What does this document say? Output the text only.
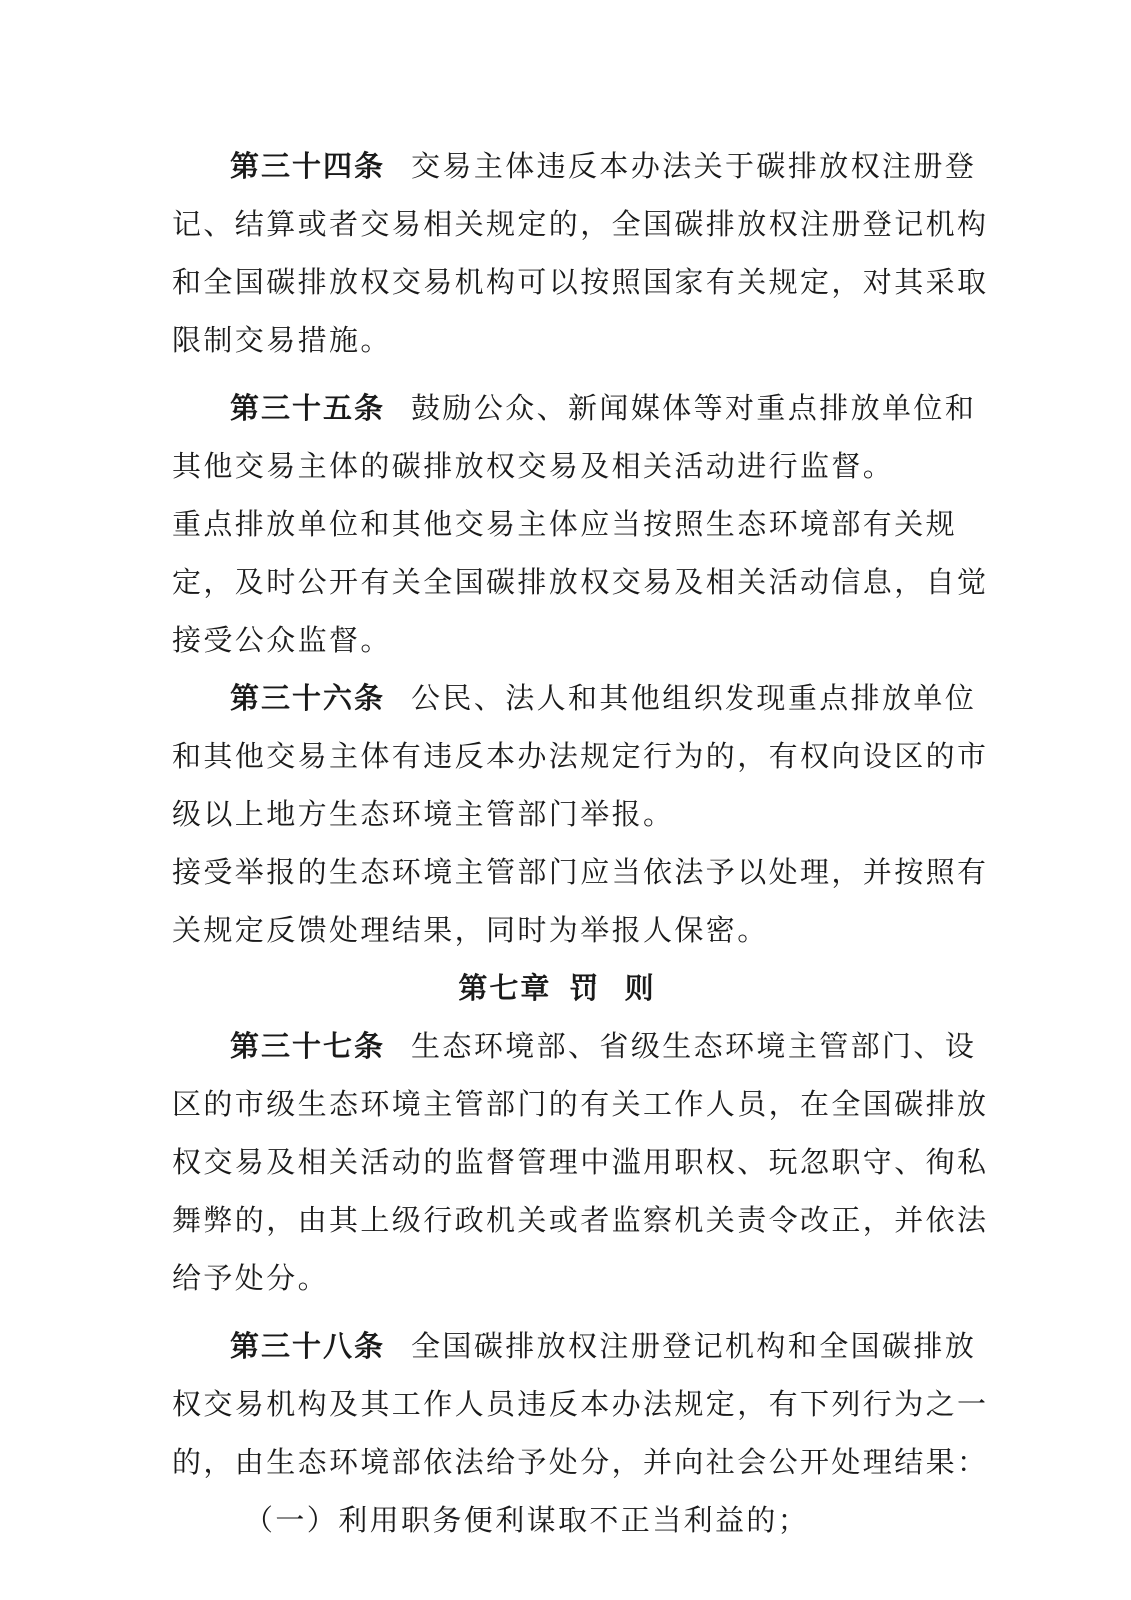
第三十四条 交易主体违反本办法关于碳排放权注册登
记、结算或者交易相关规定的，全国碳排放权注册登记机构
和全国碳排放权交易机构可以按照国家有关规定，对其采取
限制交易措施。
第三十五条 鼓励公众、新闻媒体等对重点排放单位和
其他交易主体的碳排放权交易及相关活动进行监督。
重点排放单位和其他交易主体应当按照生态环境部有关规
定，及时公开有关全国碳排放权交易及相关活动信息，自觉
接受公众监督。
第三十六条 公民、法人和其他组织发现重点排放单位
和其他交易主体有违反本办法规定行为的，有权向设区的市
级以上地方生态环境主管部门举报。
接受举报的生态环境主管部门应当依法予以处理，并按照有
关规定反馈处理结果，同时为举报人保密。
第七章 罚  则
第三十七条 生态环境部、省级生态环境主管部门、设
区的市级生态环境主管部门的有关工作人员，在全国碳排放
权交易及相关活动的监督管理中滥用职权、玩忽职守、徇私
舞弊的，由其上级行政机关或者监察机关责令改正，并依法
给予处分。
第三十八条 全国碳排放权注册登记机构和全国碳排放
权交易机构及其工作人员违反本办法规定，有下列行为之一
的，由生态环境部依法给予处分，并向社会公开处理结果：
（一）利用职务便利谋取不正当利益的；
